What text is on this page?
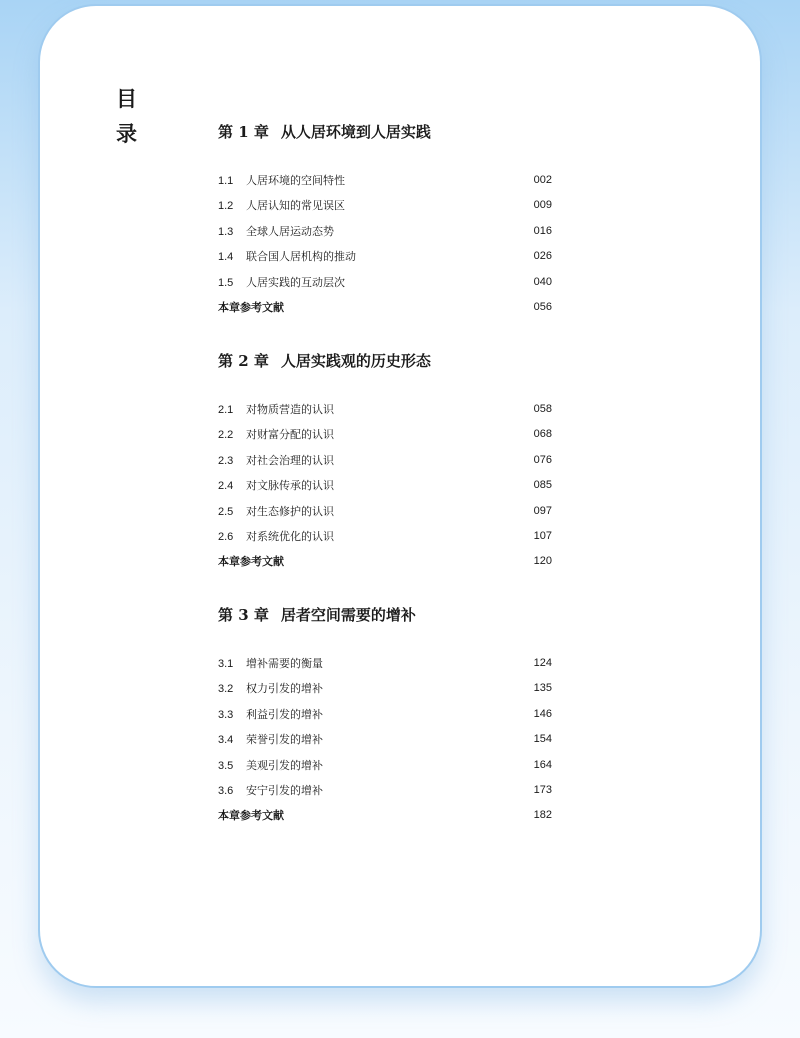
目
录	第 1 章 从人居环境到人居实践
1.1 人居环境的空间特性	002
1.2 人居认知的常见误区	009
1.3 全球人居运动态势	016
1.4 联合国人居机构的推动	026
1.5 人居实践的互动层次	040
本章参考文献	056
第 2 章 人居实践观的历史形态
2.1 对物质营造的认识	058
2.2 对财富分配的认识	068
2.3 对社会治理的认识	076
2.4 对文脉传承的认识	085
2.5 对生态修护的认识	097
2.6 对系统优化的认识	107
本章参考文献	120
第 3 章 居者空间需要的增补
3.1 增补需要的衡量	124
3.2 权力引发的增补	135
3.3 利益引发的增补	146
3.4 荣誉引发的增补	154
3.5 美观引发的增补	164
3.6 安宁引发的增补	173
本章参考文献	182
